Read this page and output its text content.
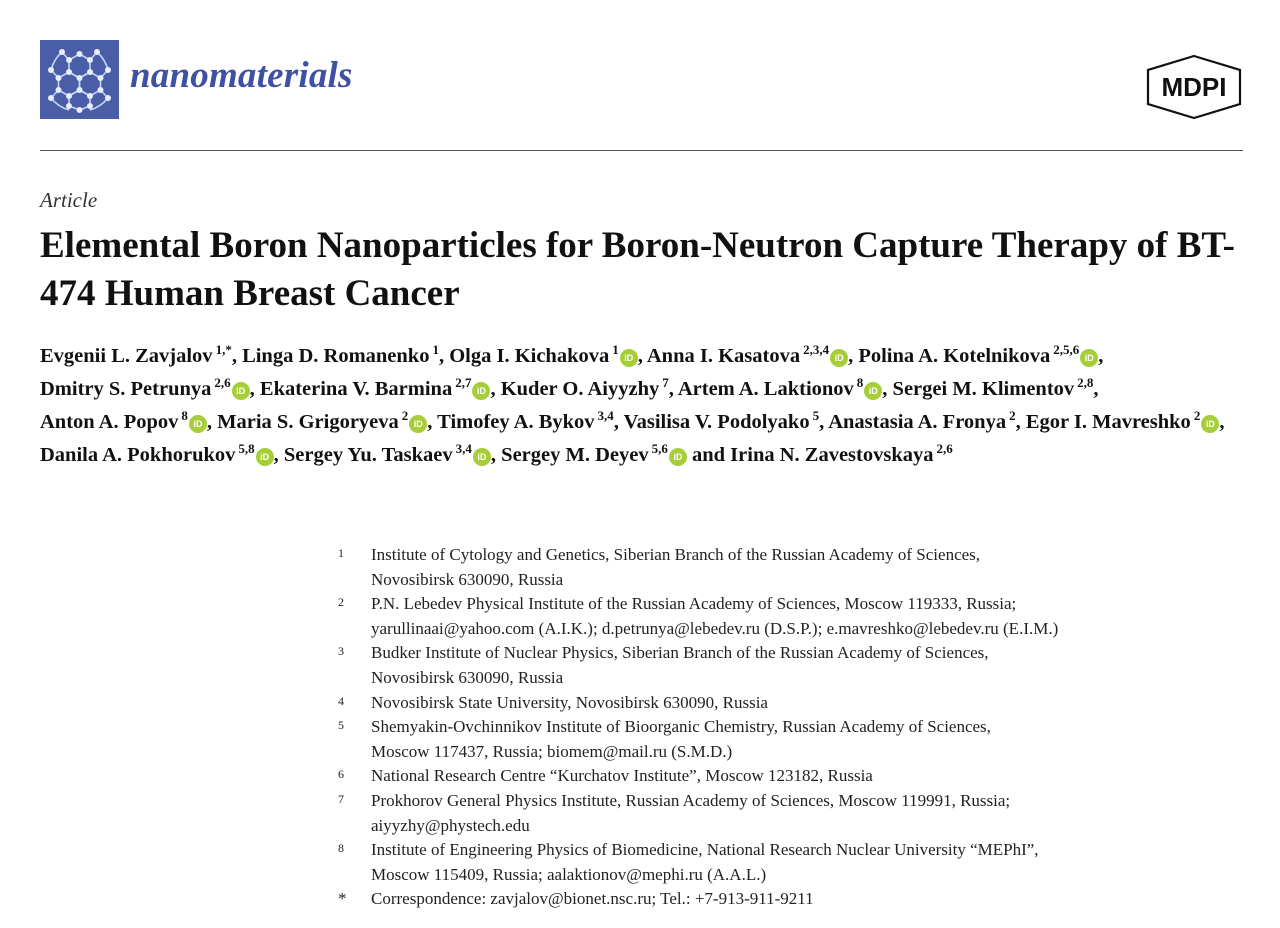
nanomaterials	MDPI
Article
Elemental Boron Nanoparticles for Boron-Neutron Capture Therapy of BT-474 Human Breast Cancer
Evgenii L. Zavjalov $^{1,*}$, Linga D. Romanenko $^1$, Olga I. Kichakova $^1$iD , Anna I. Kasatova $^{2,3,4}$iD , Polina A. Kotelnikova $^{2,5,6}$iD , Dmitry S. Petrunya $^{2,6}$iD , Ekaterina V. Barmina $^{2,7}$iD , Kuder O. Aiyyzhy $^7$, Artem A. Laktionov $^8$iD , Sergei M. Klimentov $^{2,8}$, Anton A. Popov $^8$iD , Maria S. Grigoryeva $^2$iD , Timofey A. Bykov $^{3,4}$, Vasilisa V. Podolyako $^5$, Anastasia A. Fronya $^2$, Egor I. Mavreshko $^2$iD , Danila A. Pokhorukov $^{5,8}$iD , Sergey Yu. Taskaev $^{3,4}$iD , Sergey M. Deyev $^{5,6}$iD and Irina N. Zavestovskaya $^{2,6}$
1	Institute of Cytology and Genetics, Siberian Branch of the Russian Academy of Sciences,
Novosibirsk 630090, Russia
2	P.N. Lebedev Physical Institute of the Russian Academy of Sciences, Moscow 119333, Russia;
yarullinaai@yahoo.com (A.I.K.); d.petrunya@lebedev.ru (D.S.P.); e.mavreshko@lebedev.ru (E.I.M.)
3	Budker Institute of Nuclear Physics, Siberian Branch of the Russian Academy of Sciences,
Novosibirsk 630090, Russia
4	Novosibirsk State University, Novosibirsk 630090, Russia
5	Shemyakin-Ovchinnikov Institute of Bioorganic Chemistry, Russian Academy of Sciences,
Moscow 117437, Russia; biomem@mail.ru (S.M.D.)
6	National Research Centre “Kurchatov Institute”, Moscow 123182, Russia
7	Prokhorov General Physics Institute, Russian Academy of Sciences, Moscow 119991, Russia;
aiyyzhy@phystech.edu
8	Institute of Engineering Physics of Biomedicine, National Research Nuclear University “MEPhI”,
Moscow 115409, Russia; aalaktionov@mephi.ru (A.A.L.)
*	Correspondence: zavjalov@bionet.nsc.ru; Tel.: +7-913-911-9211
